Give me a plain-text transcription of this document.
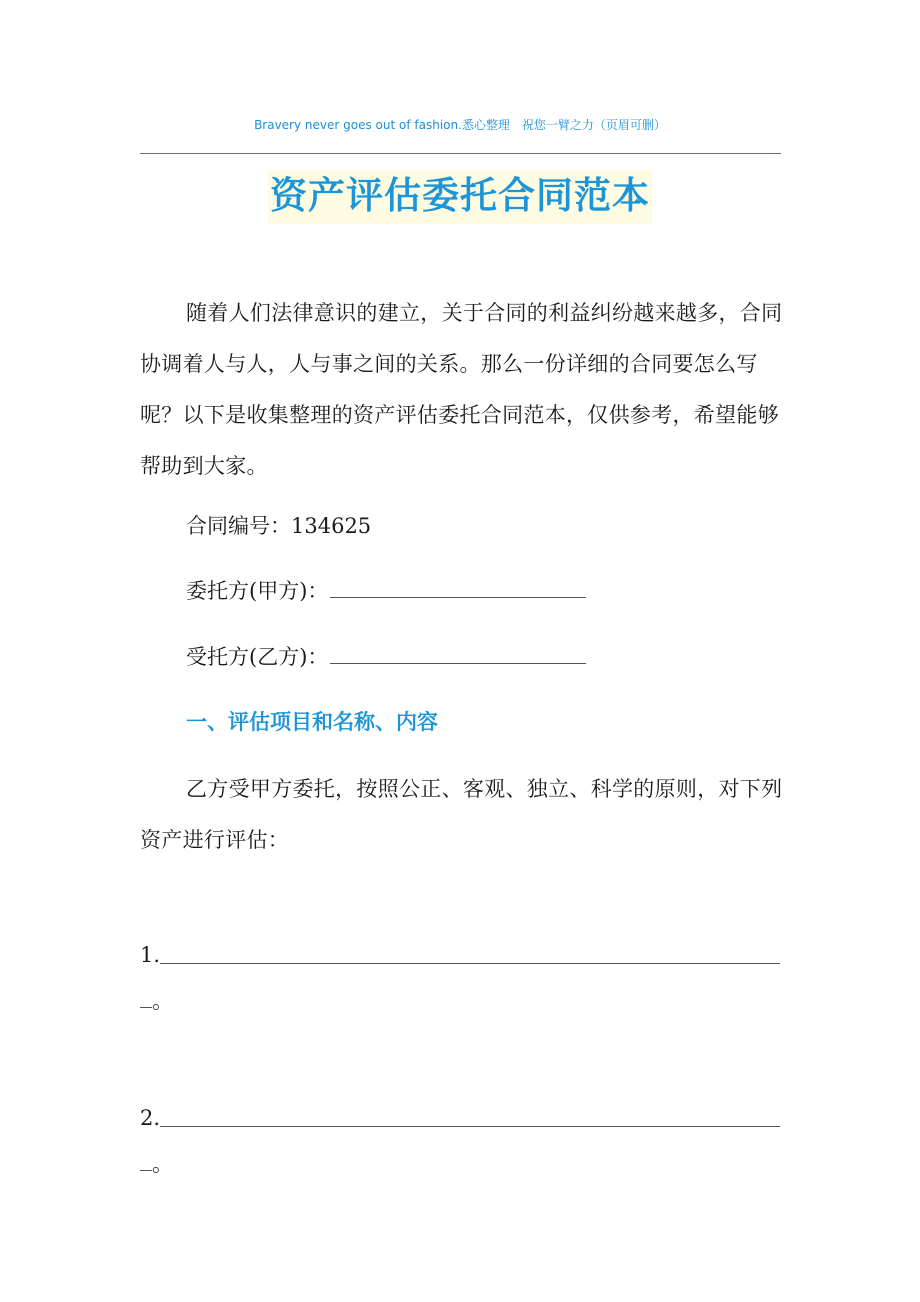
Bravery never goes out of fashion.悉心整理　祝您一臂之力（页眉可删）
资产评估委托合同范本
随着人们法律意识的建立，关于合同的利益纠纷越来越多，合同协调着人与人，人与事之间的关系。那么一份详细的合同要怎么写呢？以下是收集整理的资产评估委托合同范本，仅供参考，希望能够帮助到大家。
合同编号：134625
委托方(甲方)：
受托方(乙方)：
一、评估项目和名称、内容
乙方受甲方委托，按照公正、客观、独立、科学的原则，对下列资产进行评估：
1.
。
2.
。
